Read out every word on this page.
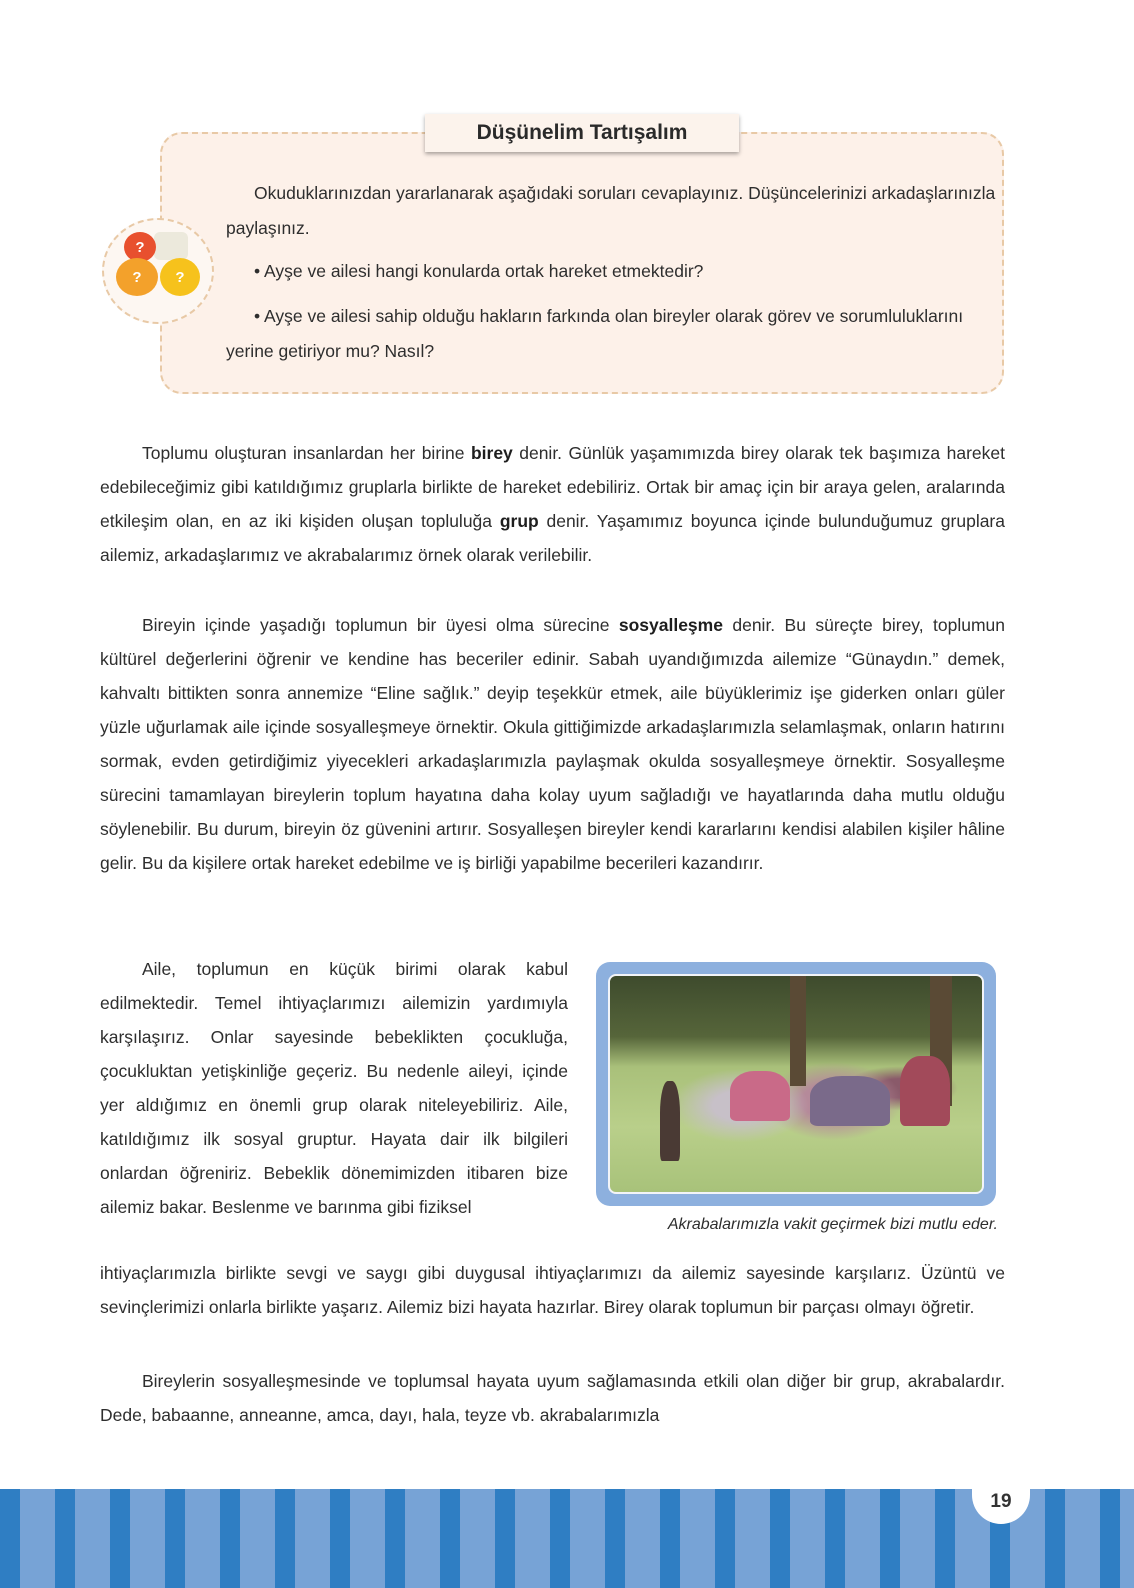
Düşünelim Tartışalım
?
?	?

Okuduklarınızdan yararlanarak aşağıdaki soruları cevaplayınız. Düşüncelerinizi arkadaşlarınızla paylaşınız.

• Ayşe ve ailesi hangi konularda ortak hareket etmektedir?

• Ayşe ve ailesi sahip olduğu hakların farkında olan bireyler olarak görev ve sorumluluklarını yerine getiriyor mu? Nasıl?

Toplumu oluşturan insanlardan her birine birey denir. Günlük yaşamımızda birey olarak tek başımıza hareket edebileceğimiz gibi katıldığımız gruplarla birlikte de hareket edebiliriz. Ortak bir amaç için bir araya gelen, aralarında etkileşim olan, en az iki kişiden oluşan topluluğa grup denir. Yaşamımız boyunca içinde bulunduğumuz gruplara ailemiz, arkadaşlarımız ve akrabalarımız örnek olarak verilebilir.

Bireyin içinde yaşadığı toplumun bir üyesi olma sürecine sosyalleşme denir. Bu süreçte birey, toplumun kültürel değerlerini öğrenir ve kendine has beceriler edinir. Sabah uyandığımızda ailemize “Günaydın.” demek, kahvaltı bittikten sonra annemize “Eline sağlık.” deyip teşekkür etmek, aile büyüklerimiz işe giderken onları güler yüzle uğurlamak aile içinde sosyalleşmeye örnektir. Okula gittiğimizde arkadaşlarımızla selamlaşmak, onların hatırını sormak, evden getirdiğimiz yiyecekleri arkadaşlarımızla paylaşmak okulda sosyalleşmeye örnektir. Sosyalleşme sürecini tamamlayan bireylerin toplum hayatına daha kolay uyum sağladığı ve hayatlarında daha mutlu olduğu söylenebilir. Bu durum, bireyin öz güvenini artırır. Sosyalleşen bireyler kendi kararlarını kendisi alabilen kişiler hâline gelir. Bu da kişilere ortak hareket edebilme ve iş birliği yapabilme becerileri kazandırır.

Aile, toplumun en küçük birimi olarak kabul edilmektedir. Temel ihtiyaçlarımızı ailemizin yardımıyla karşılaşırız. Onlar sayesinde bebeklikten çocukluğa, çocukluktan yetişkinliğe geçeriz. Bu nedenle aileyi, içinde yer aldığımız en önemli grup olarak niteleyebiliriz. Aile, katıldığımız ilk sosyal gruptur. Hayata dair ilk bilgileri onlardan öğreniriz. Bebeklik dönemimizden itibaren bize ailemiz bakar. Beslenme ve barınma gibi fiziksel

Akrabalarımızla vakit geçirmek bizi mutlu eder.

ihtiyaçlarımızla birlikte sevgi ve saygı gibi duygusal ihtiyaçlarımızı da ailemiz sayesinde karşılarız. Üzüntü ve sevinçlerimizi onlarla birlikte yaşarız. Ailemiz bizi hayata hazırlar. Birey olarak toplumun bir parçası olmayı öğretir.

Bireylerin sosyalleşmesinde ve toplumsal hayata uyum sağlamasında etkili olan diğer bir grup, akrabalardır. Dede, babaanne, anneanne, amca, dayı, hala, teyze vb. akrabalarımızla

19
